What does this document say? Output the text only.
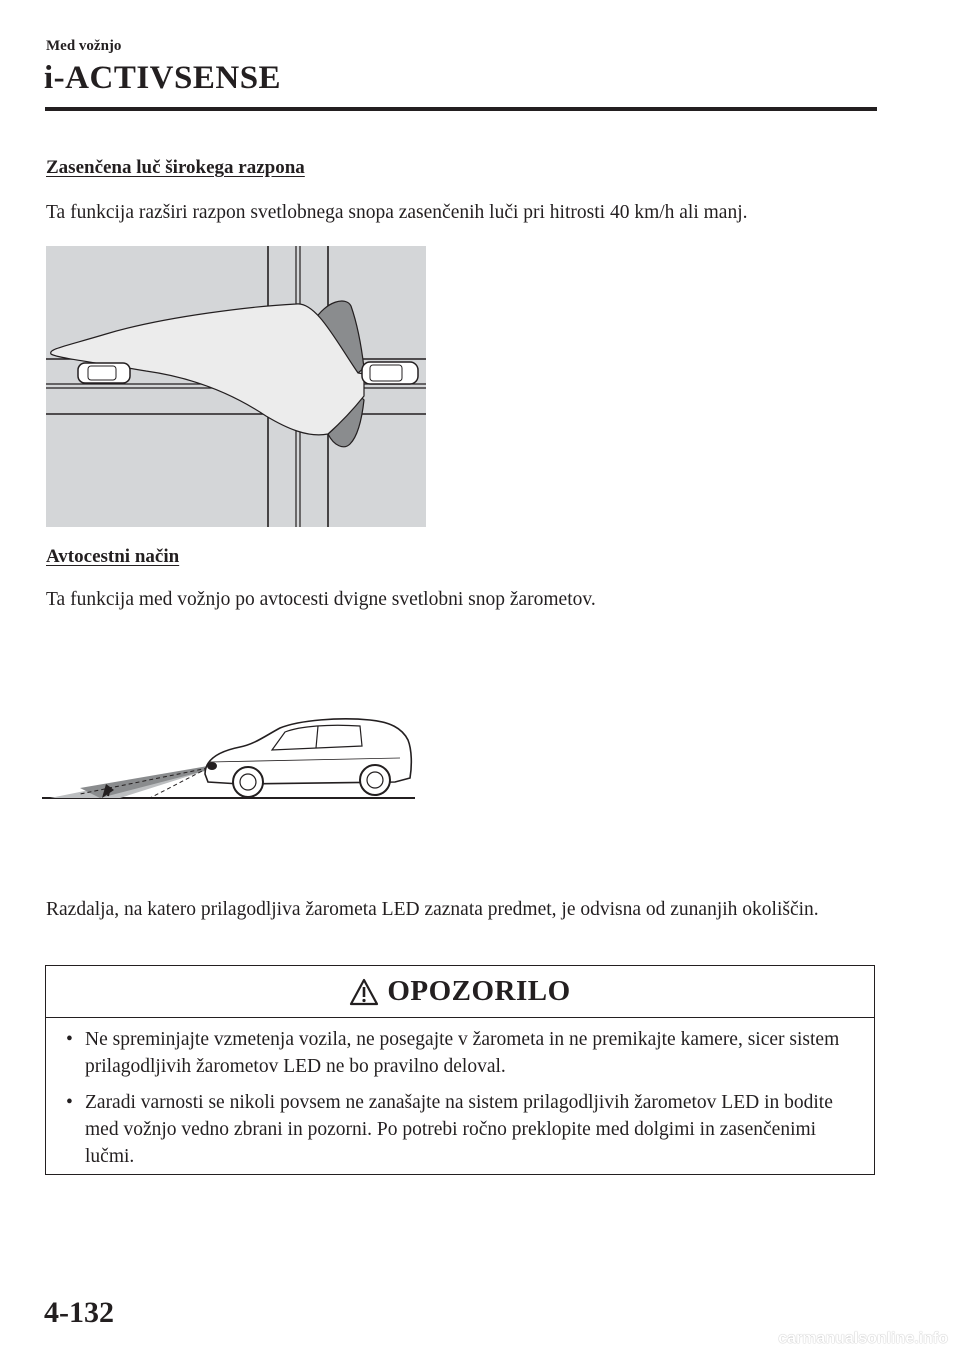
Med vožnjo
i-ACTIVSENSE
Zasenčena luč širokega razpona
Ta funkcija razširi razpon svetlobnega snopa zasenčenih luči pri hitrosti 40 km/h ali manj.
Avtocestni način
Ta funkcija med vožnjo po avtocesti dvigne svetlobni snop žarometov.
Razdalja, na katero prilagodljiva žarometa LED zaznata predmet, je odvisna od zunanjih okoliščin.
OPOZORILO
• Ne spreminjajte vzmetenja vozila, ne posegajte v žarometa in ne premikajte kamere, sicer sistem prilagodljivih žarometov LED ne bo pravilno deloval.
• Zaradi varnosti se nikoli povsem ne zanašajte na sistem prilagodljivih žarometov LED in bodite med vožnjo vedno zbrani in pozorni. Po potrebi ročno preklopite med dolgimi in zasenčenimi lučmi.
4-132
carmanualsonline.info
